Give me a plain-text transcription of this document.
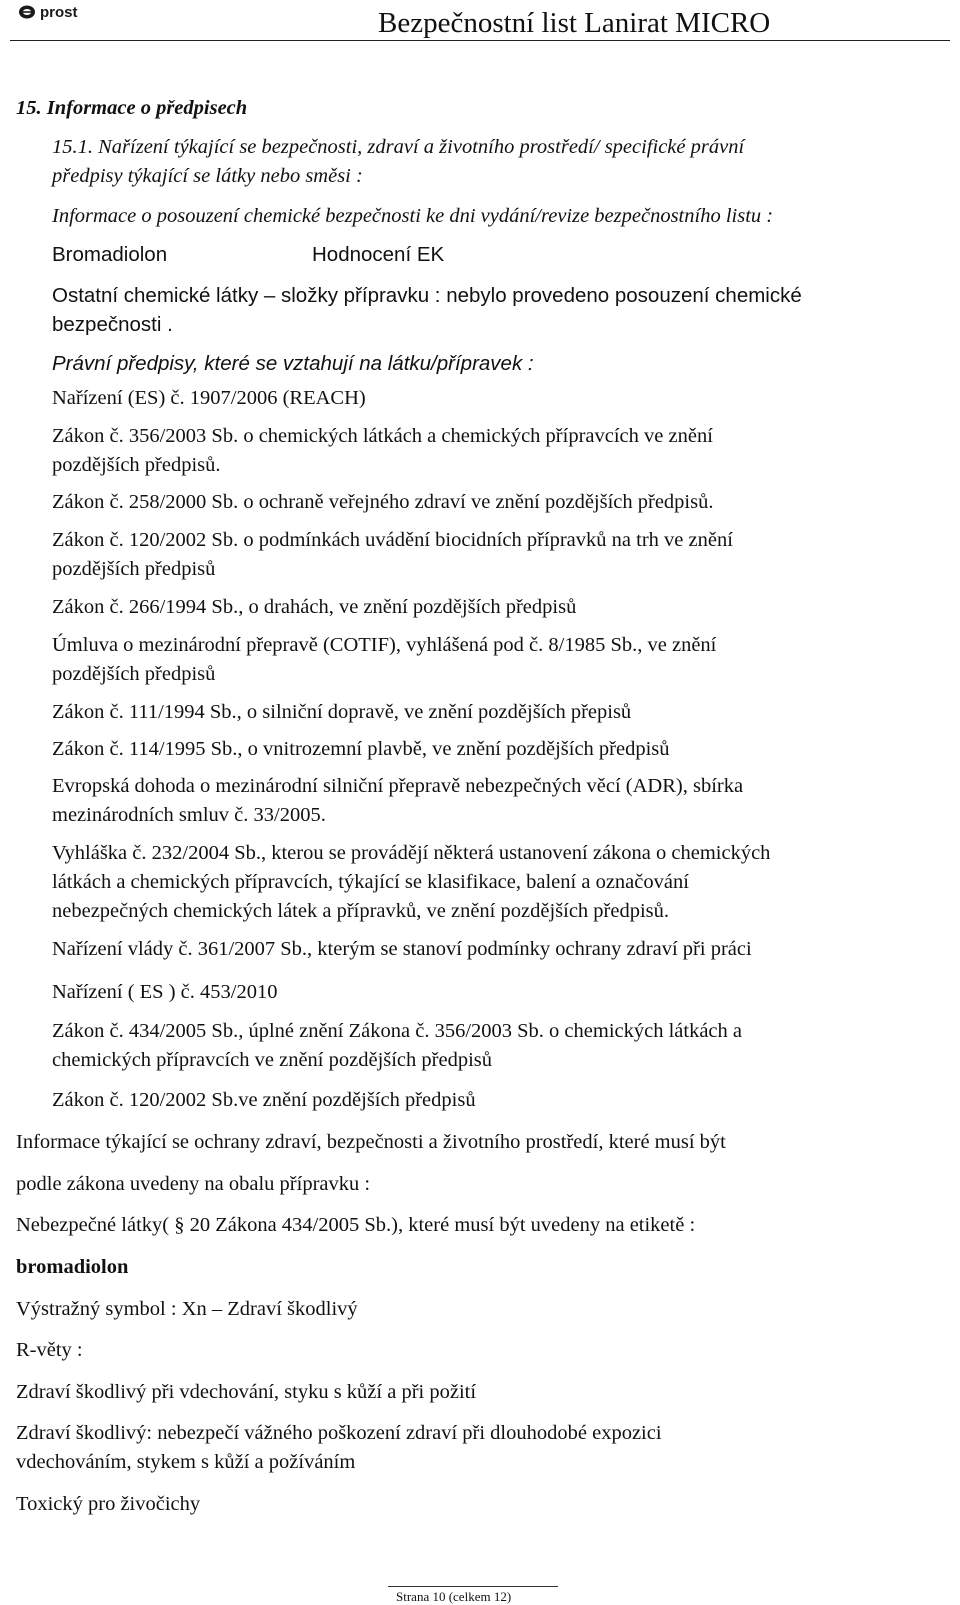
prost	Bezpečnostní list Lanirat MICRO
15. Informace o předpisech
15.1. Nařízení týkající se bezpečnosti, zdraví a životního prostředí/ specifické právní
předpisy týkající se látky nebo směsi :
Informace o posouzení chemické bezpečnosti ke dni vydání/revize bezpečnostního listu :
Bromadiolon	Hodnocení EK
Ostatní chemické látky – složky přípravku : nebylo provedeno posouzení chemické
bezpečnosti .
Právní předpisy, které se vztahují na látku/přípravek :
Nařízení (ES) č. 1907/2006 (REACH)
Zákon č. 356/2003 Sb. o chemických látkách a chemických přípravcích ve znění
pozdějších předpisů.
Zákon č. 258/2000 Sb. o ochraně veřejného zdraví ve znění pozdějších předpisů.
Zákon č. 120/2002 Sb. o podmínkách uvádění biocidních přípravků na trh ve znění
pozdějších předpisů
Zákon č. 266/1994 Sb., o drahách, ve znění pozdějších předpisů
Úmluva o mezinárodní přepravě (COTIF), vyhlášená pod č. 8/1985 Sb., ve znění
pozdějších předpisů
Zákon č. 111/1994 Sb., o silniční dopravě, ve znění pozdějších přepisů
Zákon č. 114/1995 Sb., o vnitrozemní plavbě, ve znění pozdějších předpisů
Evropská dohoda o mezinárodní silniční přepravě nebezpečných věcí (ADR), sbírka
mezinárodních smluv č. 33/2005.
Vyhláška č. 232/2004 Sb., kterou se provádějí některá ustanovení zákona o chemických
látkách a chemických přípravcích, týkající se klasifikace, balení a označování
nebezpečných chemických látek a přípravků, ve znění pozdějších předpisů.
Nařízení vlády č. 361/2007 Sb., kterým se stanoví podmínky ochrany zdraví při práci
Nařízení ( ES ) č. 453/2010
Zákon č. 434/2005 Sb., úplné znění Zákona č. 356/2003 Sb. o chemických látkách a
chemických přípravcích ve znění pozdějších předpisů
Zákon č. 120/2002 Sb.ve znění pozdějších předpisů
Informace týkající se ochrany zdraví, bezpečnosti a životního prostředí, které musí být
podle zákona uvedeny na obalu přípravku :
Nebezpečné látky( § 20 Zákona 434/2005 Sb.), které musí být uvedeny na etiketě :
bromadiolon
Výstražný symbol : Xn – Zdraví škodlivý
R-věty :
Zdraví škodlivý při vdechování, styku s kůží a při požití
Zdraví škodlivý: nebezpečí vážného poškození zdraví při dlouhodobé expozici
vdechováním, stykem s kůží a požíváním
Toxický pro živočichy
Strana 10 (celkem 12)
